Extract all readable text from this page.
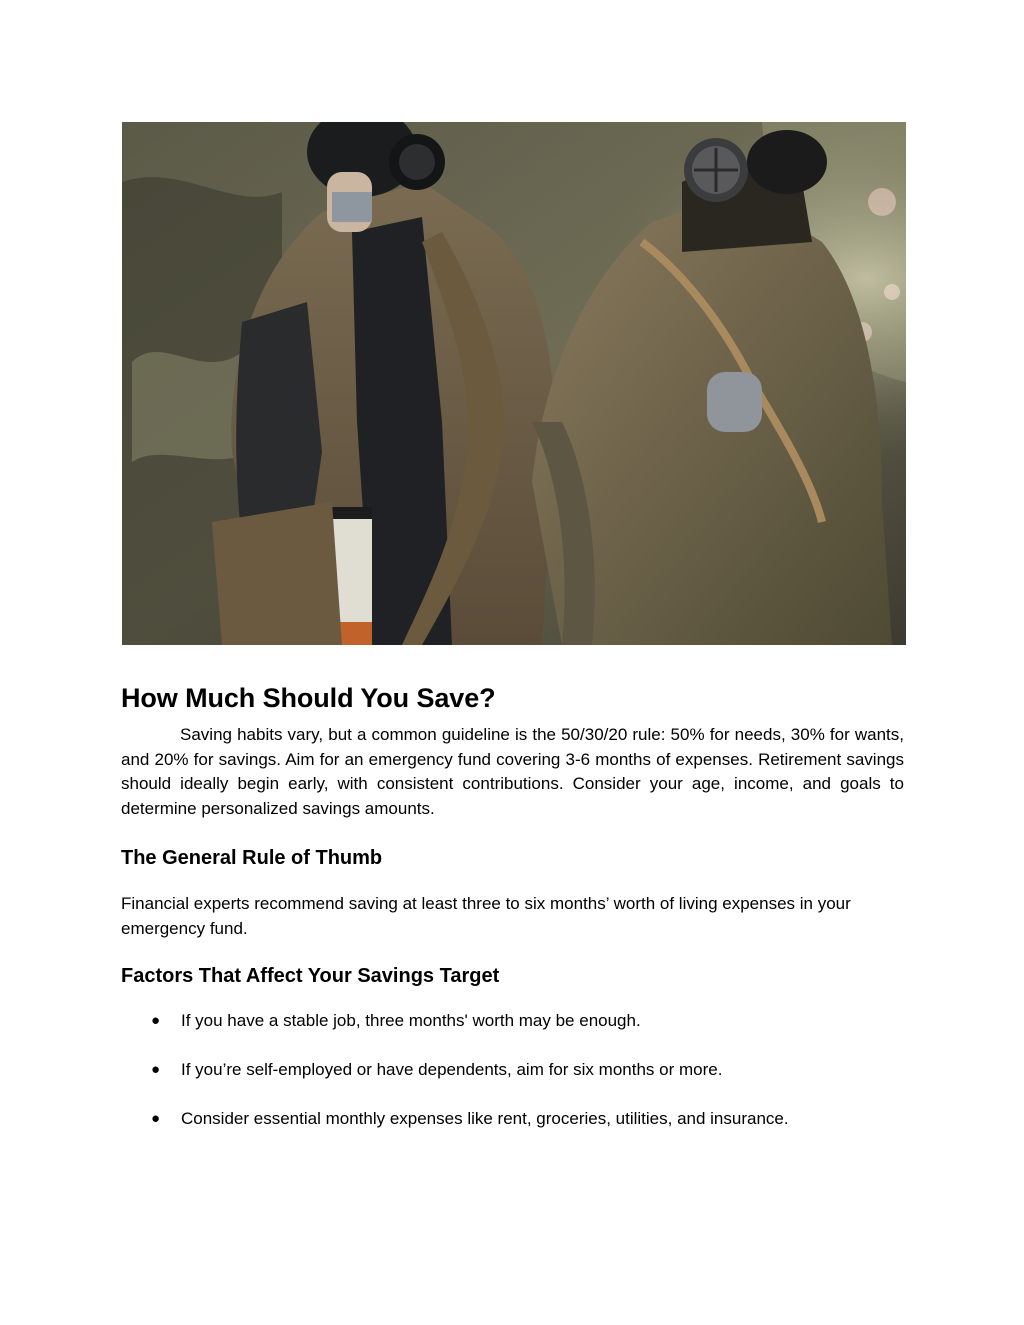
How Much Should You Save?

Saving habits vary, but a common guideline is the 50/30/20 rule: 50% for needs, 30% for wants, and 20% for savings. Aim for an emergency fund covering 3-6 months of expenses. Retirement savings should ideally begin early, with consistent contributions. Consider your age, income, and goals to determine personalized savings amounts.

The General Rule of Thumb

Financial experts recommend saving at least three to six months’ worth of living expenses in your emergency fund.

Factors That Affect Your Savings Target
● If you have a stable job, three months' worth may be enough.
● If you’re self-employed or have dependents, aim for six months or more.
● Consider essential monthly expenses like rent, groceries, utilities, and insurance.
